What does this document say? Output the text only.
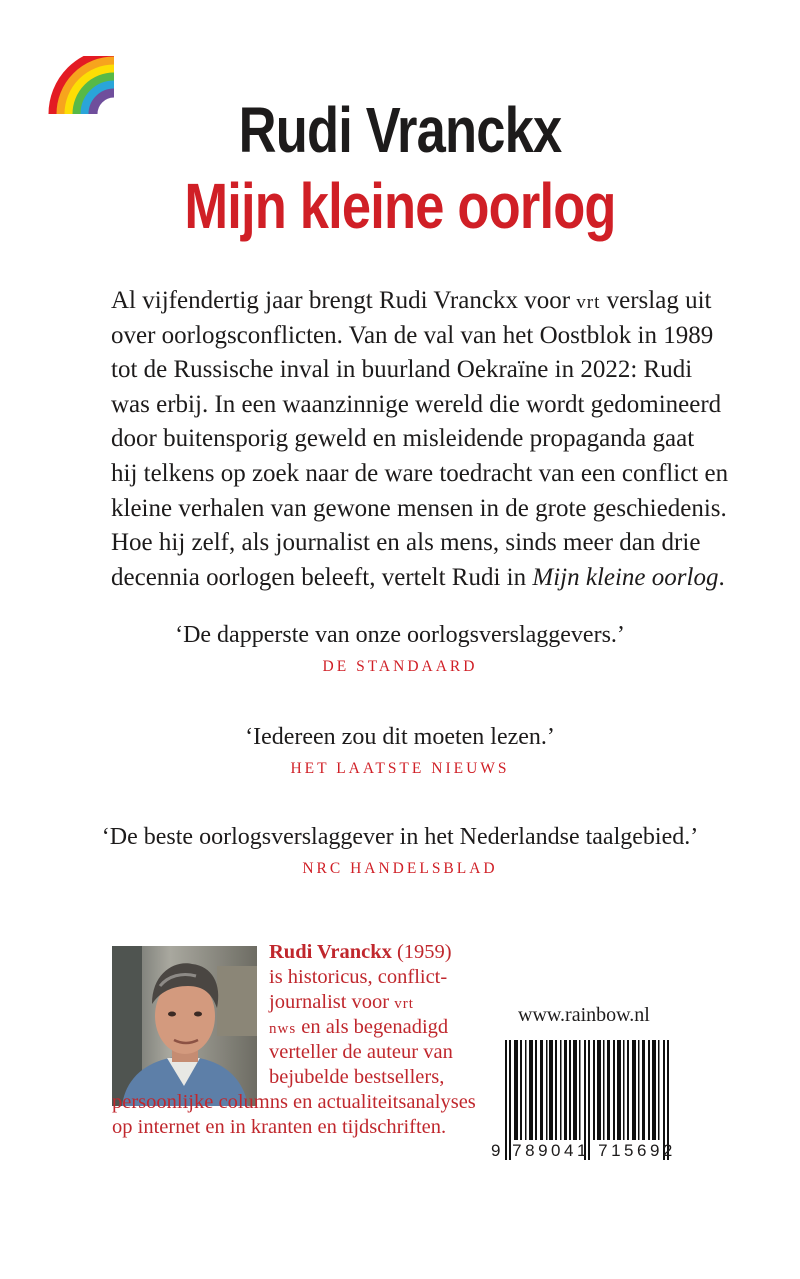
Rudi Vranckx
Mijn kleine oorlog
Al vijfendertig jaar brengt Rudi Vranckx voor vrt verslag uit
over oorlogsconflicten. Van de val van het Oostblok in 1989
tot de Russische inval in buurland Oekraïne in 2022: Rudi
was erbij. In een waanzinnige wereld die wordt gedomineerd
door buitensporig geweld en misleidende propaganda gaat
hij telkens op zoek naar de ware toedracht van een conflict en
kleine verhalen van gewone mensen in de grote geschiedenis.
Hoe hij zelf, als journalist en als mens, sinds meer dan drie
decennia oorlogen beleeft, vertelt Rudi in Mijn kleine oorlog.
‘De dapperste van onze oorlogsverslaggevers.’
DE STANDAARD
‘Iedereen zou dit moeten lezen.’
HET LAATSTE NIEUWS
‘De beste oorlogsverslaggever in het Nederlandse taalgebied.’
NRC HANDELSBLAD
Rudi Vranckx (1959)
is historicus, conflict-
journalist voor vrt
nws en als begenadigd
verteller de auteur van
bejubelde bestsellers,
persoonlijke columns en actualiteitsanalyses
op internet en in kranten en tijdschriften.
www.rainbow.nl
9 789041 715692
